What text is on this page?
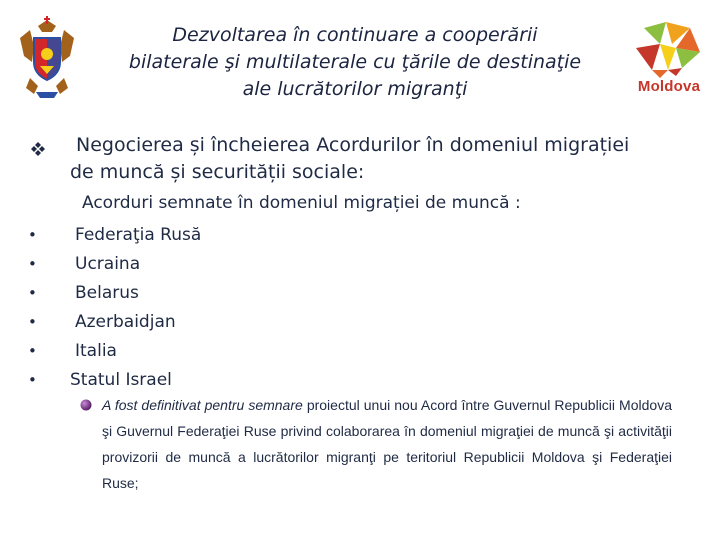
Dezvoltarea în continuare a cooperării
bilaterale şi multilaterale cu ţările de destinaţie
ale lucrătorilor migranţi	Moldova
Negocierea și încheierea Acordurilor în domeniul migrației
de muncă și securității sociale:
Acorduri semnate în domeniul migrației de muncă :
•	Federaţia Rusă
•	Ucraina
•	Belarus
•	Azerbaidjan
•	Italia
•	Statul Israel
A fost definitivat pentru semnare proiectul unui nou Acord între Guvernul Republicii Moldova şi Guvernul Federaţiei Ruse privind colaborarea în domeniul migraţiei de muncă şi activităţii provizorii de muncă a lucrătorilor migranţi pe teritoriul Republicii Moldova şi Federaţiei Ruse;
